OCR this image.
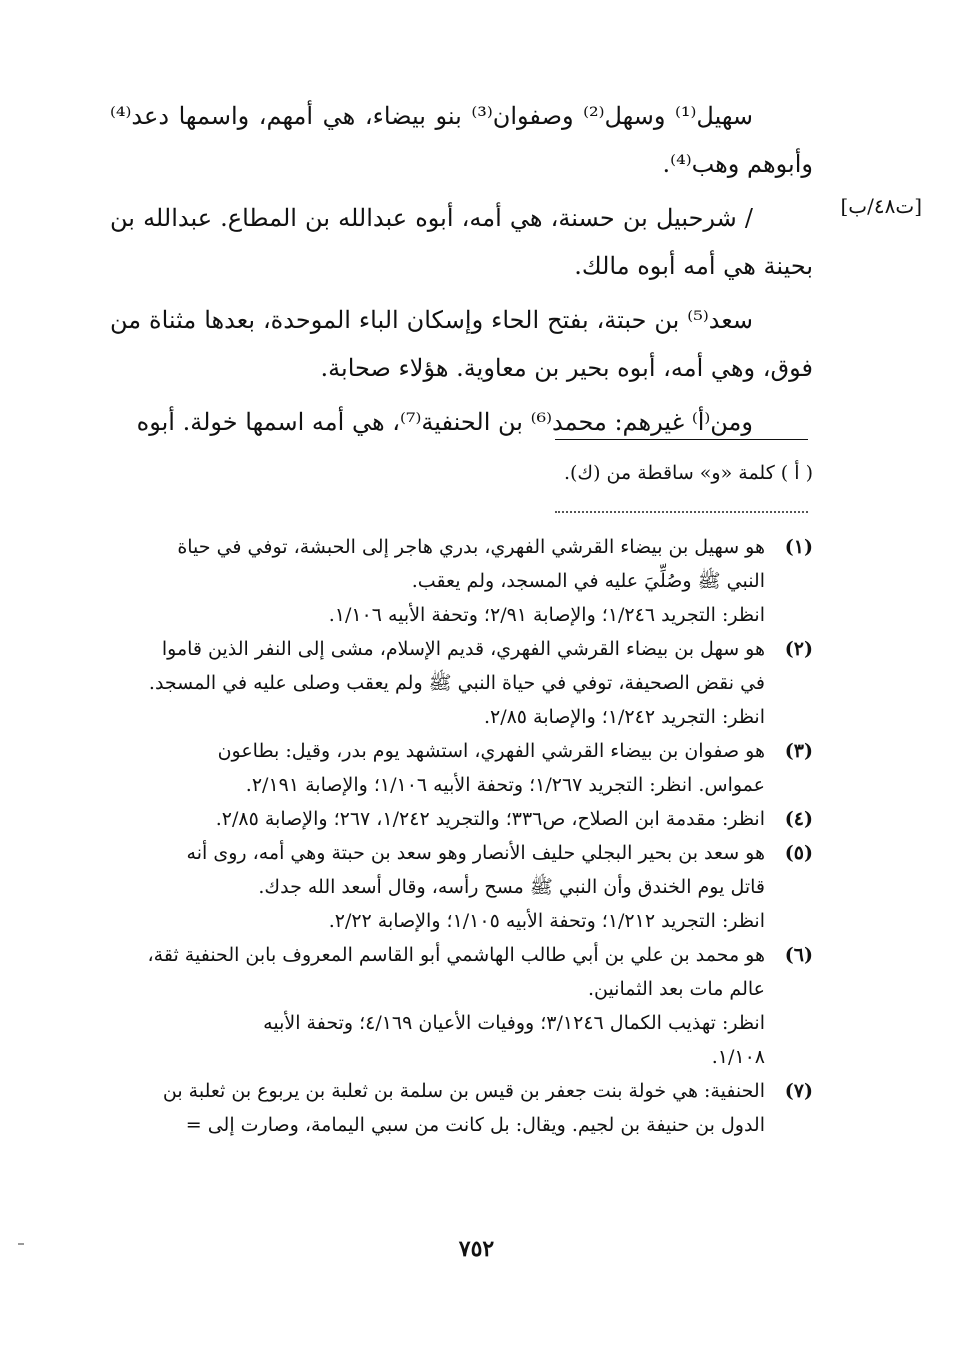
[ت٤٨/ب]

سهيل⁽¹⁾ وسهل⁽²⁾ وصفوان⁽³⁾ بنو بيضاء، هي أمهم، واسمها دعد⁽⁴⁾ وأبوهم وهب⁽⁴⁾.

/ شرحبيل بن حسنة، هي أمه، أبوه عبدالله بن المطاع. عبدالله بن بحينة هي أمه أبوه مالك.

سعد⁽⁵⁾ بن حبتة، بفتح الحاء وإسكان الباء الموحدة، بعدها مثناة من فوق، وهي أمه، أبوه بحير بن معاوية. هؤلاء صحابة.

ومن⁽أ⁾ غيرهم: محمد⁽⁶⁾ بن الحنفية⁽⁷⁾، هي أمه اسمها خولة. أبوه

( أ ) كلمة «و» ساقطة من (ك).
(١)
هو سهيل بن بيضاء القرشي الفهري، بدري هاجر إلى الحبشة، توفي في حياة
النبي ﷺ وصُلِّيَ عليه في المسجد، ولم يعقب.
انظر: التجريد ١/٢٤٦؛ والإصابة ٢/٩١؛ وتحفة الأبيه ١/١٠٦.
(٢)
هو سهل بن بيضاء القرشي الفهري، قديم الإسلام، مشى إلى النفر الذين قاموا
في نقض الصحيفة، توفي في حياة النبي ﷺ ولم يعقب وصلى عليه في المسجد.
انظر: التجريد ١/٢٤٢؛ والإصابة ٢/٨٥.
(٣)
هو صفوان بن بيضاء القرشي الفهري، استشهد يوم بدر، وقيل: بطاعون
عمواس. انظر: التجريد ١/٢٦٧؛ وتحفة الأبيه ١/١٠٦؛ والإصابة ٢/١٩١.
(٤)
انظر: مقدمة ابن الصلاح، ص٣٣٦؛ والتجريد ١/٢٤٢، ٢٦٧؛ والإصابة ٢/٨٥.
(٥)
هو سعد بن بحير البجلي حليف الأنصار وهو سعد بن حبتة وهي أمه، روى أنه
قاتل يوم الخندق وأن النبي ﷺ مسح رأسه، وقال أسعد الله جدك.
انظر: التجريد ١/٢١٢؛ وتحفة الأبيه ١/١٠٥؛ والإصابة ٢/٢٢.
(٦)
هو محمد بن علي بن أبي طالب الهاشمي أبو القاسم المعروف بابن الحنفية ثقة،
عالم مات بعد الثمانين.
انظر: تهذيب الكمال ٣/١٢٤٦؛ ووفيات الأعيان ٤/١٦٩؛ وتحفة الأبيه
١/١٠٨.
(٧)
الحنفية: هي خولة بنت جعفر بن قيس بن سلمة بن ثعلبة بن يربوع بن ثعلبة بن
الدول بن حنيفة بن لجيم. ويقال: بل كانت من سبي اليمامة، وصارت إلى =
٧٥٢
